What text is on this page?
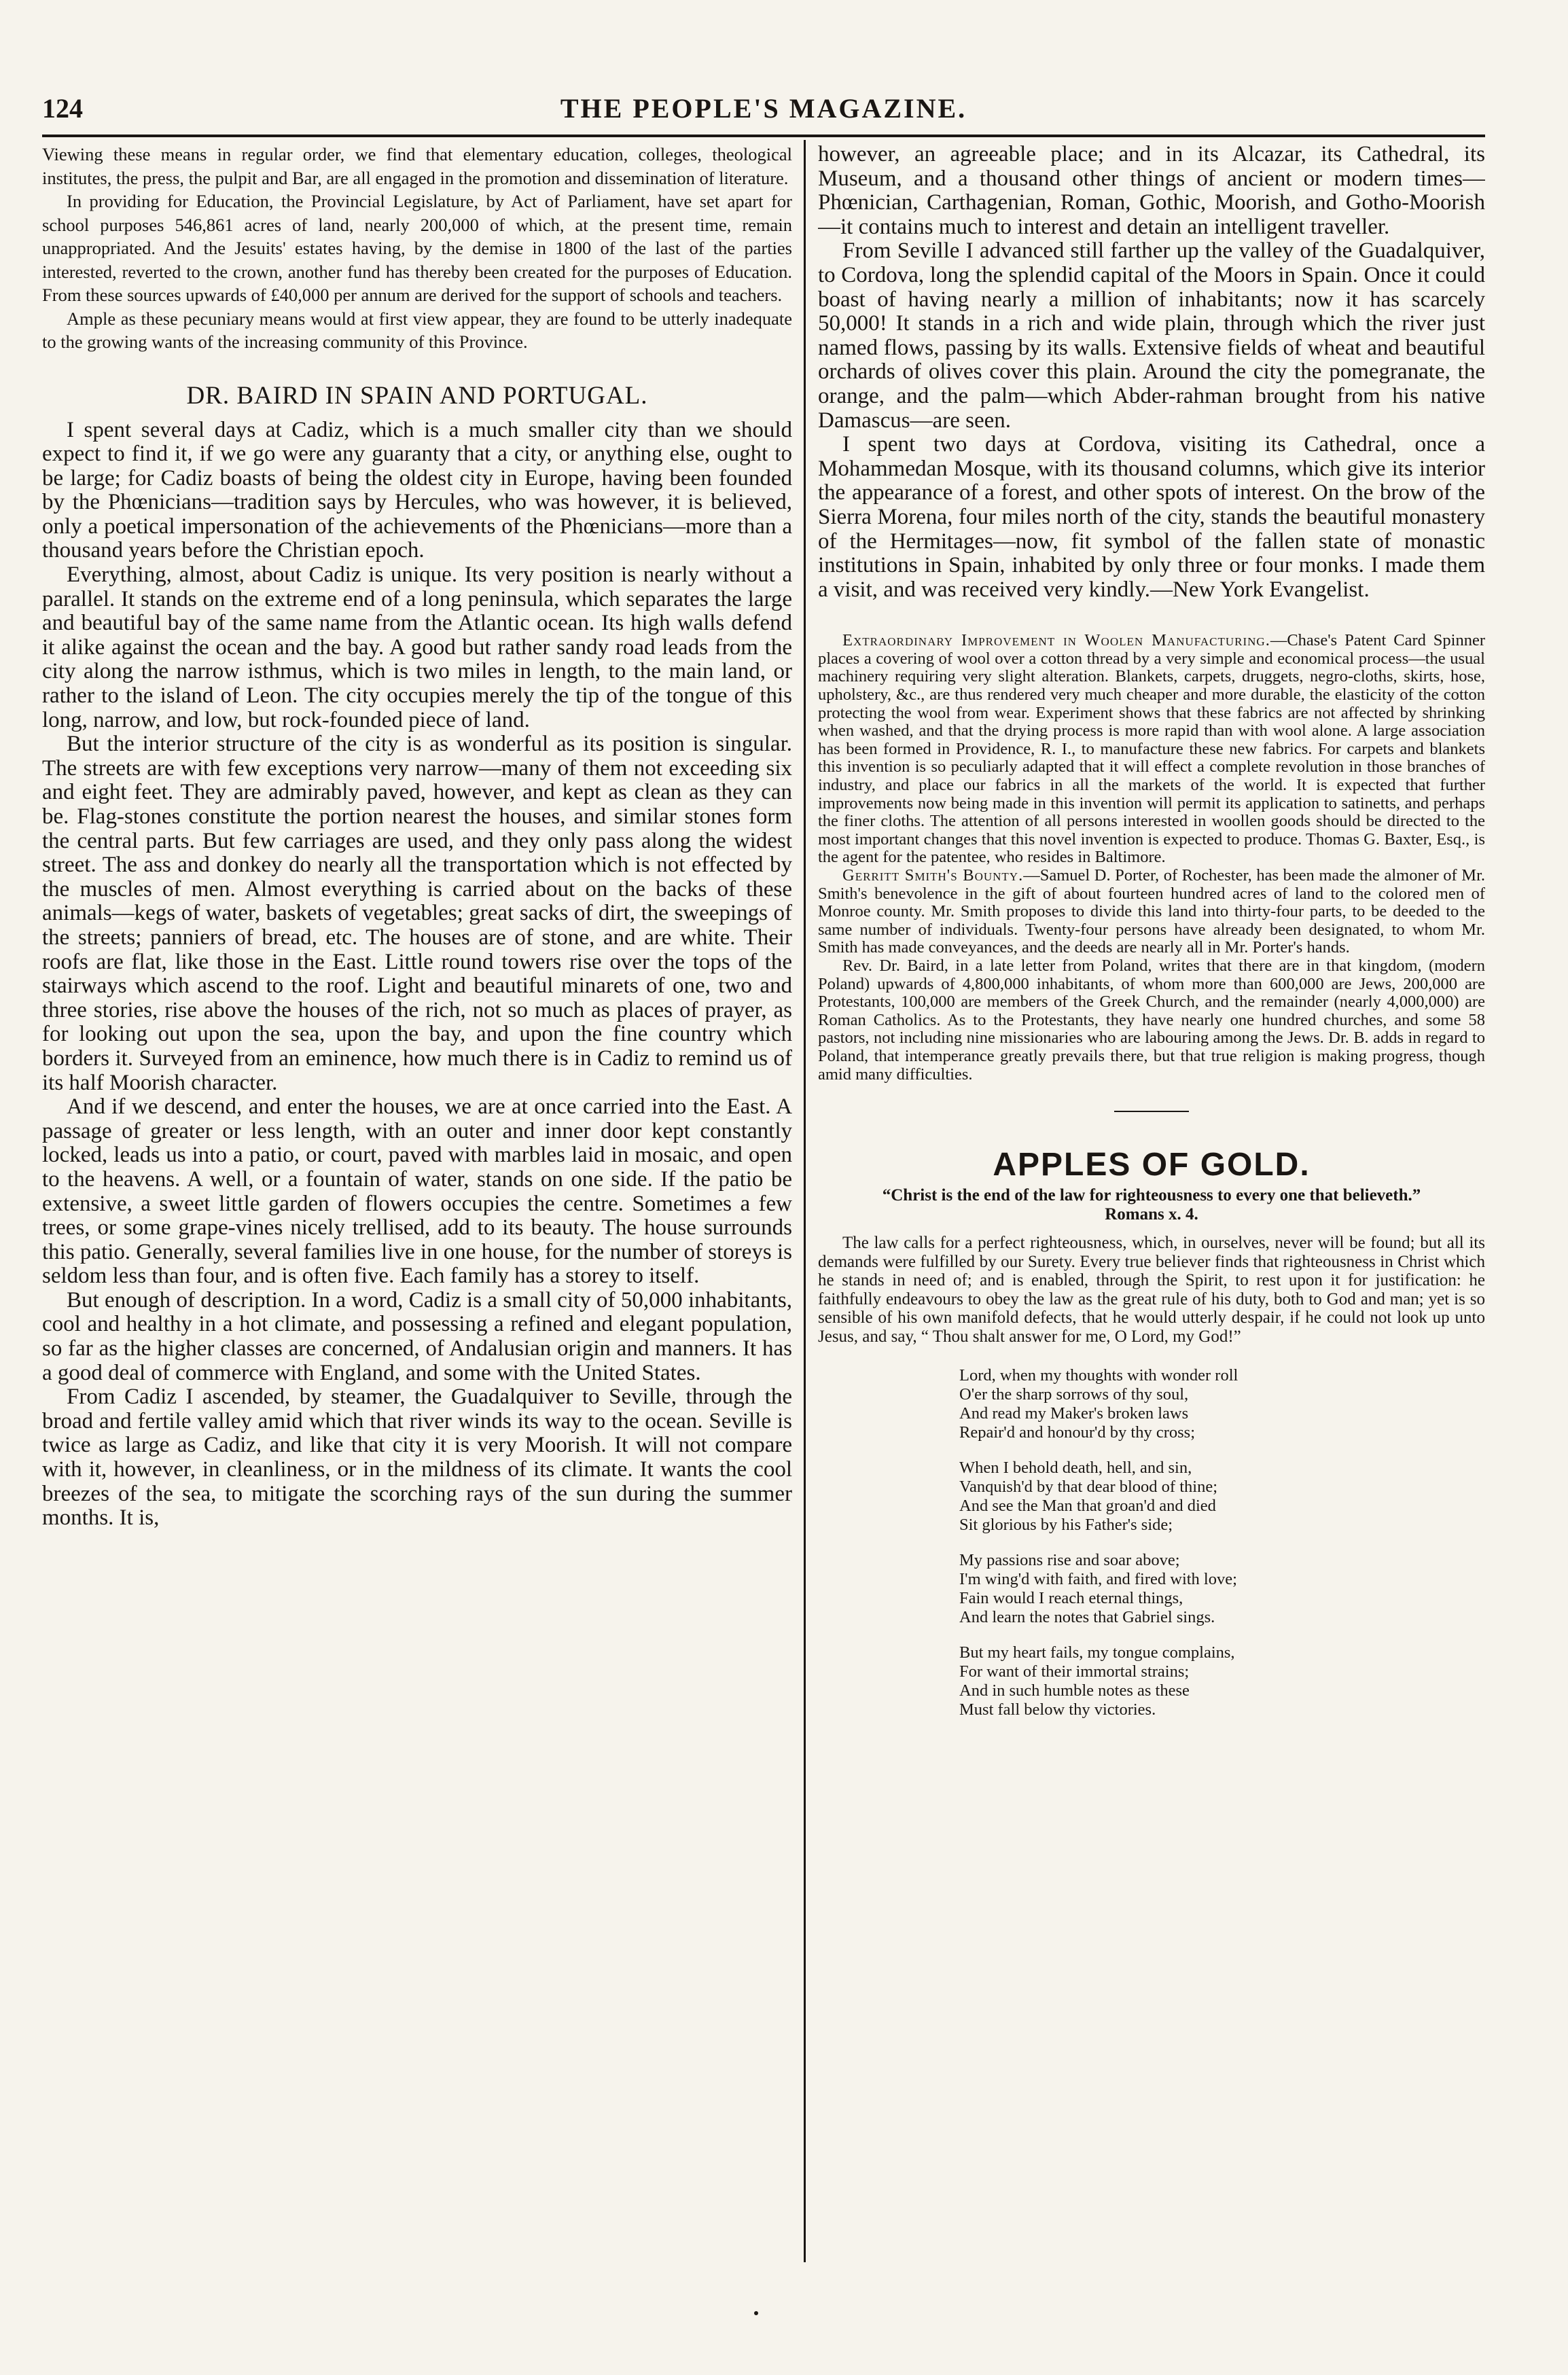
124	THE PEOPLE'S MAGAZINE.

Viewing these means in regular order, we find that elementary education, colleges, theological institutes, the press, the pulpit and Bar, are all engaged in the promotion and dissemination of literature.

In providing for Education, the Provincial Legislature, by Act of Parliament, have set apart for school purposes 546,861 acres of land, nearly 200,000 of which, at the present time, remain unappropriated. And the Jesuits' estates having, by the demise in 1800 of the last of the parties interested, reverted to the crown, another fund has thereby been created for the purposes of Education. From these sources upwards of £40,000 per annum are derived for the support of schools and teachers.

Ample as these pecuniary means would at first view appear, they are found to be utterly inadequate to the growing wants of the increasing community of this Province.

DR. BAIRD IN SPAIN AND PORTUGAL.

I spent several days at Cadiz, which is a much smaller city than we should expect to find it, if we go were any guaranty that a city, or anything else, ought to be large; for Cadiz boasts of being the oldest city in Europe, having been founded by the Phœnicians—tradition says by Hercules, who was however, it is believed, only a poetical impersonation of the achievements of the Phœnicians—more than a thousand years before the Christian epoch.

Everything, almost, about Cadiz is unique. Its very position is nearly without a parallel. It stands on the extreme end of a long peninsula, which separates the large and beautiful bay of the same name from the Atlantic ocean. Its high walls defend it alike against the ocean and the bay. A good but rather sandy road leads from the city along the narrow isthmus, which is two miles in length, to the main land, or rather to the island of Leon. The city occupies merely the tip of the tongue of this long, narrow, and low, but rock-founded piece of land.

But the interior structure of the city is as wonderful as its position is singular. The streets are with few exceptions very narrow—many of them not exceeding six and eight feet. They are admirably paved, however, and kept as clean as they can be. Flag-stones constitute the portion nearest the houses, and similar stones form the central parts. But few carriages are used, and they only pass along the widest street. The ass and donkey do nearly all the transportation which is not effected by the muscles of men. Almost everything is carried about on the backs of these animals—kegs of water, baskets of vegetables; great sacks of dirt, the sweepings of the streets; panniers of bread, etc. The houses are of stone, and are white. Their roofs are flat, like those in the East. Little round towers rise over the tops of the stairways which ascend to the roof. Light and beautiful minarets of one, two and three stories, rise above the houses of the rich, not so much as places of prayer, as for looking out upon the sea, upon the bay, and upon the fine country which borders it. Surveyed from an eminence, how much there is in Cadiz to remind us of its half Moorish character.

And if we descend, and enter the houses, we are at once carried into the East. A passage of greater or less length, with an outer and inner door kept constantly locked, leads us into a patio, or court, paved with marbles laid in mosaic, and open to the heavens. A well, or a fountain of water, stands on one side. If the patio be extensive, a sweet little garden of flowers occupies the centre. Sometimes a few trees, or some grape-vines nicely trellised, add to its beauty. The house surrounds this patio. Generally, several families live in one house, for the number of storeys is seldom less than four, and is often five. Each family has a storey to itself.

But enough of description. In a word, Cadiz is a small city of 50,000 inhabitants, cool and healthy in a hot climate, and possessing a refined and elegant population, so far as the higher classes are concerned, of Andalusian origin and manners. It has a good deal of commerce with England, and some with the United States.

From Cadiz I ascended, by steamer, the Guadalquiver to Seville, through the broad and fertile valley amid which that river winds its way to the ocean. Seville is twice as large as Cadiz, and like that city it is very Moorish. It will not compare with it, however, in cleanliness, or in the mildness of its climate. It wants the cool breezes of the sea, to mitigate the scorching rays of the sun during the summer months. It is,

however, an agreeable place; and in its Alcazar, its Cathedral, its Museum, and a thousand other things of ancient or modern times—Phœnician, Carthagenian, Roman, Gothic, Moorish, and Gotho-Moorish—it contains much to interest and detain an intelligent traveller.

From Seville I advanced still farther up the valley of the Guadalquiver, to Cordova, long the splendid capital of the Moors in Spain. Once it could boast of having nearly a million of inhabitants; now it has scarcely 50,000! It stands in a rich and wide plain, through which the river just named flows, passing by its walls. Extensive fields of wheat and beautiful orchards of olives cover this plain. Around the city the pomegranate, the orange, and the palm—which Abder-rahman brought from his native Damascus—are seen.

I spent two days at Cordova, visiting its Cathedral, once a Mohammedan Mosque, with its thousand columns, which give its interior the appearance of a forest, and other spots of interest. On the brow of the Sierra Morena, four miles north of the city, stands the beautiful monastery of the Hermitages—now, fit symbol of the fallen state of monastic institutions in Spain, inhabited by only three or four monks. I made them a visit, and was received very kindly.—New York Evangelist.

Extraordinary Improvement in Woolen Manufacturing.—Chase's Patent Card Spinner places a covering of wool over a cotton thread by a very simple and economical process—the usual machinery requiring very slight alteration. Blankets, carpets, druggets, negro-cloths, skirts, hose, upholstery, &c., are thus rendered very much cheaper and more durable, the elasticity of the cotton protecting the wool from wear. Experiment shows that these fabrics are not affected by shrinking when washed, and that the drying process is more rapid than with wool alone. A large association has been formed in Providence, R. I., to manufacture these new fabrics. For carpets and blankets this invention is so peculiarly adapted that it will effect a complete revolution in those branches of industry, and place our fabrics in all the markets of the world. It is expected that further improvements now being made in this invention will permit its application to satinetts, and perhaps the finer cloths. The attention of all persons interested in woollen goods should be directed to the most important changes that this novel invention is expected to produce. Thomas G. Baxter, Esq., is the agent for the patentee, who resides in Baltimore.

Gerritt Smith's Bounty.—Samuel D. Porter, of Rochester, has been made the almoner of Mr. Smith's benevolence in the gift of about fourteen hundred acres of land to the colored men of Monroe county. Mr. Smith proposes to divide this land into thirty-four parts, to be deeded to the same number of individuals. Twenty-four persons have already been designated, to whom Mr. Smith has made conveyances, and the deeds are nearly all in Mr. Porter's hands.

Rev. Dr. Baird, in a late letter from Poland, writes that there are in that kingdom, (modern Poland) upwards of 4,800,000 inhabitants, of whom more than 600,000 are Jews, 200,000 are Protestants, 100,000 are members of the Greek Church, and the remainder (nearly 4,000,000) are Roman Catholics. As to the Protestants, they have nearly one hundred churches, and some 58 pastors, not including nine missionaries who are labouring among the Jews. Dr. B. adds in regard to Poland, that intemperance greatly prevails there, but that true religion is making progress, though amid many difficulties.

APPLES OF GOLD.

“Christ is the end of the law for righteousness to every one that believeth.”

Romans x. 4.

The law calls for a perfect righteousness, which, in ourselves, never will be found; but all its demands were fulfilled by our Surety. Every true believer finds that righteousness in Christ which he stands in need of; and is enabled, through the Spirit, to rest upon it for justification: he faithfully endeavours to obey the law as the great rule of his duty, both to God and man; yet is so sensible of his own manifold defects, that he would utterly despair, if he could not look up unto Jesus, and say, “ Thou shalt answer for me, O Lord, my God!”

Lord, when my thoughts with wonder roll
O'er the sharp sorrows of thy soul,
And read my Maker's broken laws
Repair'd and honour'd by thy cross;
When I behold death, hell, and sin,
Vanquish'd by that dear blood of thine;
And see the Man that groan'd and died
Sit glorious by his Father's side;
My passions rise and soar above;
I'm wing'd with faith, and fired with love;
Fain would I reach eternal things,
And learn the notes that Gabriel sings.
But my heart fails, my tongue complains,
For want of their immortal strains;
And in such humble notes as these
Must fall below thy victories.
